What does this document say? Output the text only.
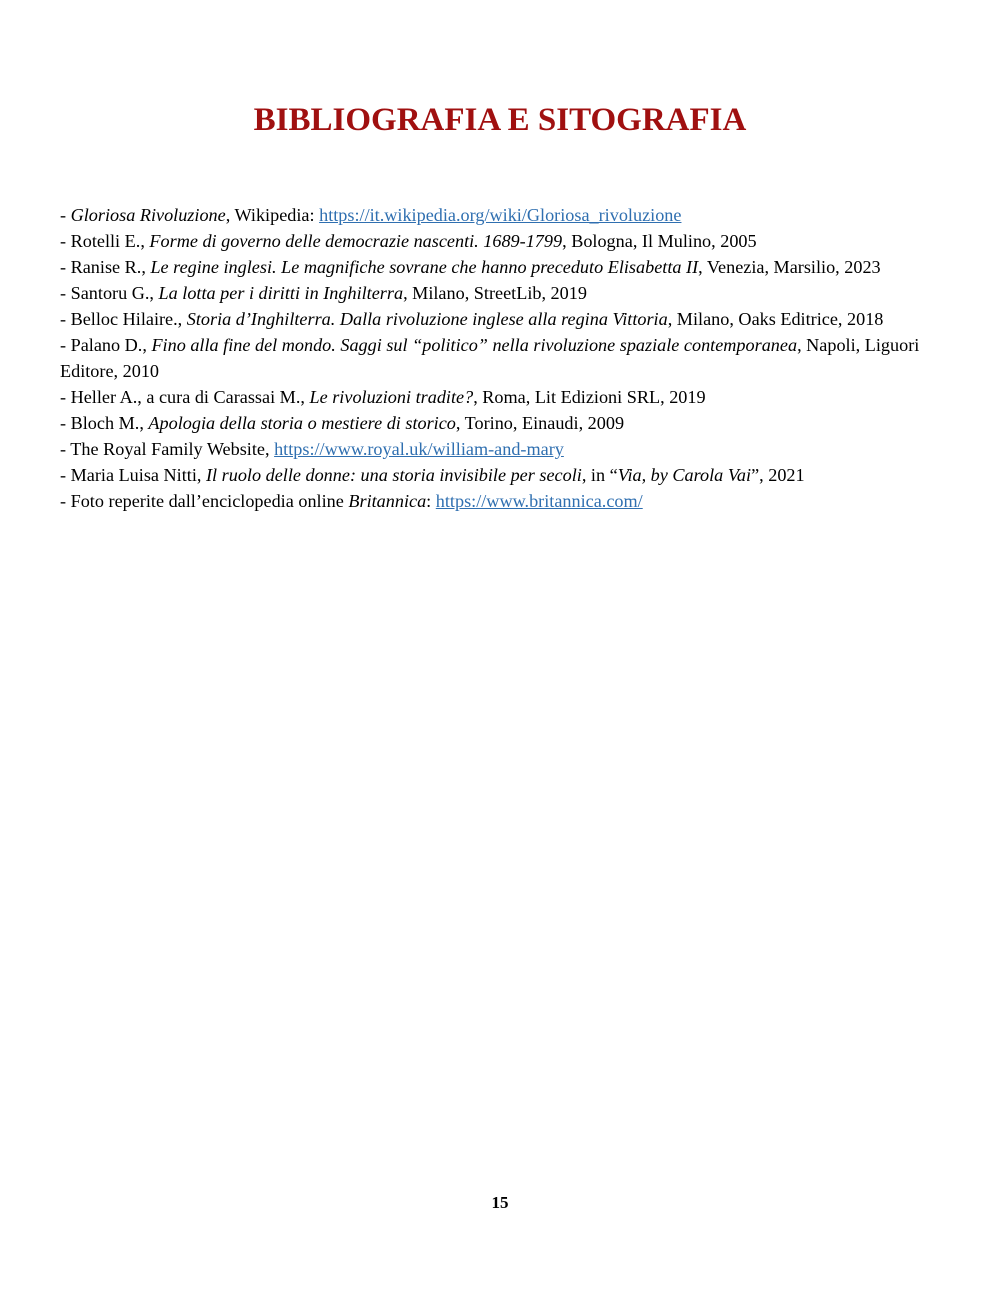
BIBLIOGRAFIA E SITOGRAFIA
- Gloriosa Rivoluzione, Wikipedia: https://it.wikipedia.org/wiki/Gloriosa_rivoluzione
- Rotelli E., Forme di governo delle democrazie nascenti. 1689-1799, Bologna, Il Mulino, 2005
- Ranise R., Le regine inglesi. Le magnifiche sovrane che hanno preceduto Elisabetta II, Venezia, Marsilio, 2023
- Santoru G., La lotta per i diritti in Inghilterra, Milano, StreetLib, 2019
- Belloc Hilaire., Storia d’Inghilterra. Dalla rivoluzione inglese alla regina Vittoria, Milano, Oaks Editrice, 2018
- Palano D., Fino alla fine del mondo. Saggi sul “politico” nella rivoluzione spaziale contemporanea, Napoli, Liguori Editore, 2010
- Heller A., a cura di Carassai M., Le rivoluzioni tradite?, Roma, Lit Edizioni SRL, 2019
- Bloch M., Apologia della storia o mestiere di storico, Torino, Einaudi, 2009
- The Royal Family Website, https://www.royal.uk/william-and-mary
- Maria Luisa Nitti, Il ruolo delle donne: una storia invisibile per secoli, in “Via, by Carola Vai”, 2021
- Foto reperite dall’enciclopedia online Britannica: https://www.britannica.com/
15
